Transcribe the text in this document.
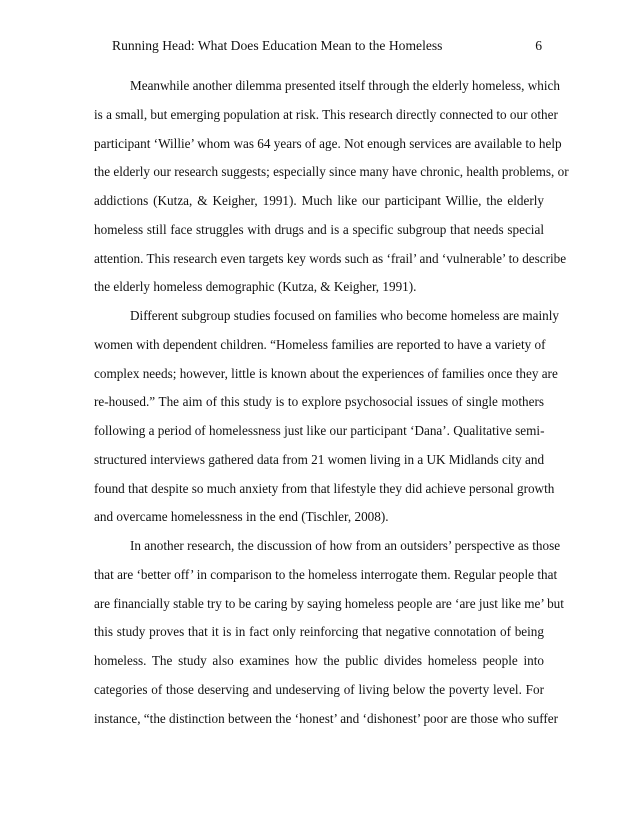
Running Head: What Does Education Mean to the Homeless	6
Meanwhile another dilemma presented itself through the elderly homeless, which
is a small, but emerging population at risk. This research directly connected to our other
participant ‘Willie’ whom was 64 years of age. Not enough services are available to help
the elderly our research suggests; especially since many have chronic, health problems, or
addictions (Kutza, & Keigher, 1991). Much like our participant Willie, the elderly
homeless still face struggles with drugs and is a specific subgroup that needs special
attention. This research even targets key words such as ‘frail’ and ‘vulnerable’ to describe
the elderly homeless demographic (Kutza, & Keigher, 1991).
Different subgroup studies focused on families who become homeless are mainly
women with dependent children. “Homeless families are reported to have a variety of
complex needs; however, little is known about the experiences of families once they are
re-housed.” The aim of this study is to explore psychosocial issues of single mothers
following a period of homelessness just like our participant ‘Dana’. Qualitative semi-
structured interviews gathered data from 21 women living in a UK Midlands city and
found that despite so much anxiety from that lifestyle they did achieve personal growth
and overcame homelessness in the end (Tischler, 2008).
In another research, the discussion of how from an outsiders’ perspective as those
that are ‘better off’ in comparison to the homeless interrogate them. Regular people that
are financially stable try to be caring by saying homeless people are ‘are just like me’ but
this study proves that it is in fact only reinforcing that negative connotation of being
homeless. The study also examines how the public divides homeless people into
categories of those deserving and undeserving of living below the poverty level. For
instance, “the distinction between the ‘honest’ and ‘dishonest’ poor are those who suffer
